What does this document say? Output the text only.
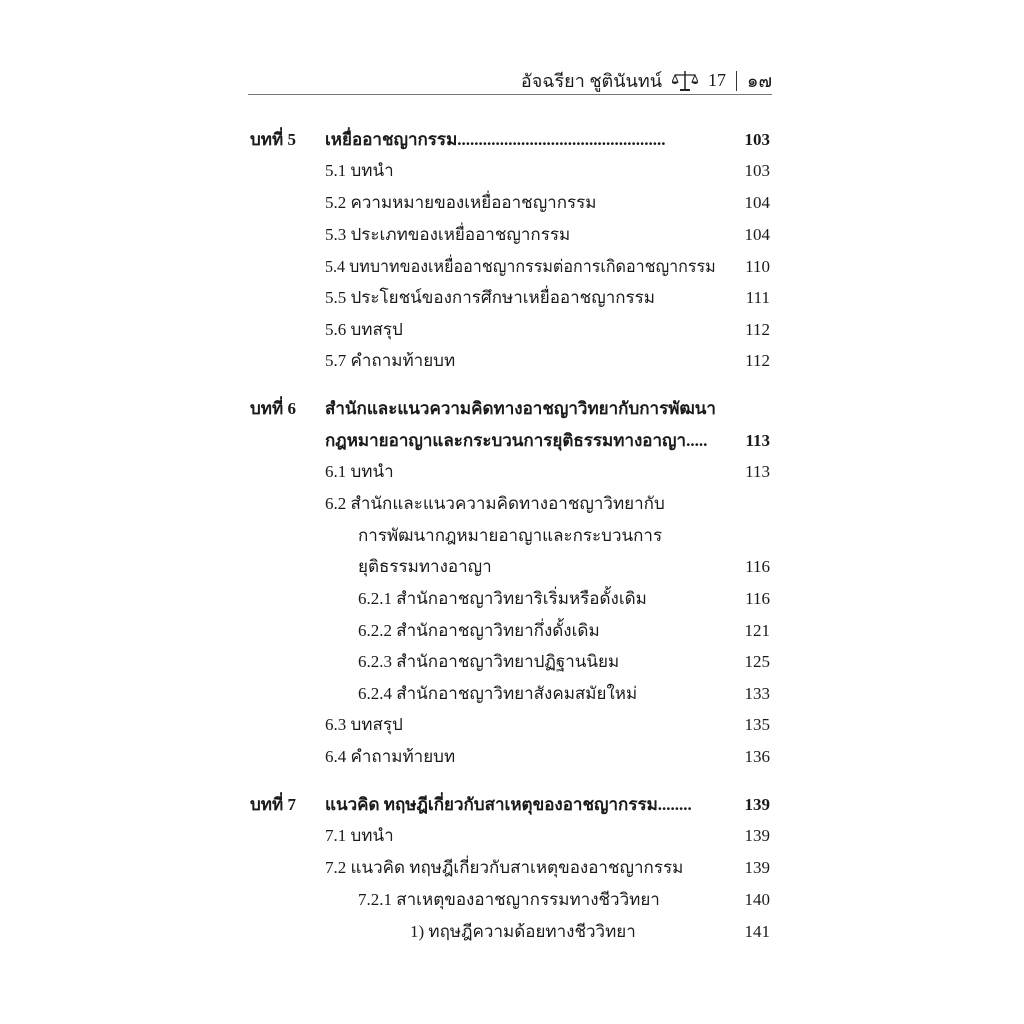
อัจฉรียา ชูตินันทน์	17 ๑๗
บทที่ 5 เหยื่ออาชญากรรม.................................................	103
5.1 บทนำ	103
5.2 ความหมายของเหยื่ออาชญากรรม	104
5.3 ประเภทของเหยื่ออาชญากรรม	104
5.4 บทบาทของเหยื่ออาชญากรรมต่อการเกิดอาชญากรรม 110
5.5 ประโยชน์ของการศึกษาเหยื่ออาชญากรรม	111
5.6 บทสรุป	112
5.7 คำถามท้ายบท	112
บทที่ 6 สำนักและแนวความคิดทางอาชญาวิทยากับการพัฒนา
กฎหมายอาญาและกระบวนการยุติธรรมทางอาญา..... 113
6.1 บทนำ	113
6.2 สำนักและแนวความคิดทางอาชญาวิทยากับ
การพัฒนากฎหมายอาญาและกระบวนการ
ยุติธรรมทางอาญา	116
6.2.1 สำนักอาชญาวิทยาริเริ่มหรือดั้งเดิม	116
6.2.2 สำนักอาชญาวิทยากึ่งดั้งเดิม	121
6.2.3 สำนักอาชญาวิทยาปฏิฐานนิยม	125
6.2.4 สำนักอาชญาวิทยาสังคมสมัยใหม่	133
6.3 บทสรุป	135
6.4 คำถามท้ายบท	136
บทที่ 7 แนวคิด ทฤษฎีเกี่ยวกับสาเหตุของอาชญากรรม........	139
7.1 บทนำ	139
7.2 แนวคิด ทฤษฎีเกี่ยวกับสาเหตุของอาชญากรรม	139
7.2.1 สาเหตุของอาชญากรรมทางชีววิทยา	140
1) ทฤษฎีความด้อยทางชีววิทยา	141
